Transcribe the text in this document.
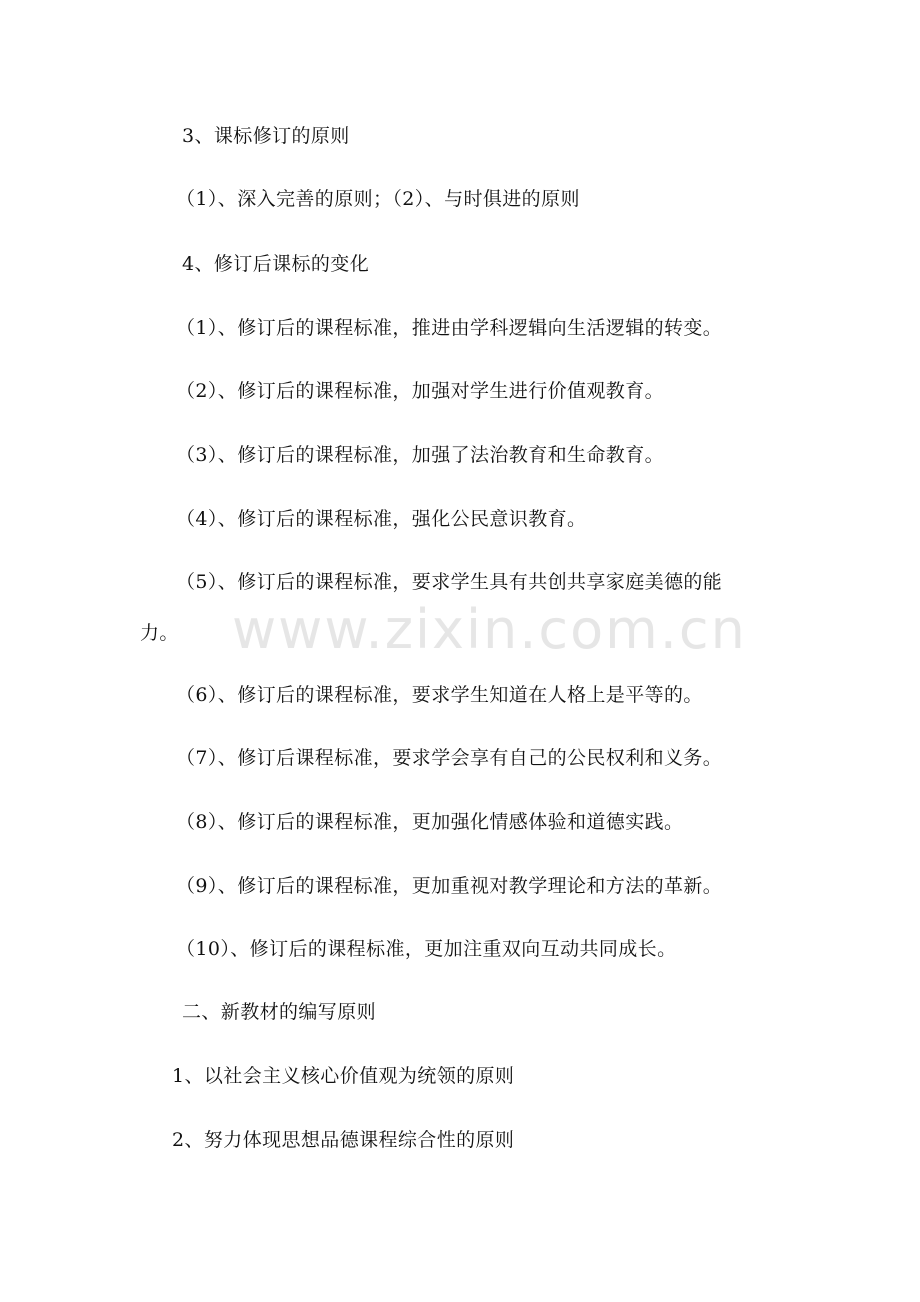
www.zixin.com.cn
3、课标修订的原则
（1）、深入完善的原则；（2）、与时俱进的原则
4、修订后课标的变化
（1）、修订后的课程标准，推进由学科逻辑向生活逻辑的转变。
（2）、修订后的课程标准，加强对学生进行价值观教育。
（3）、修订后的课程标准，加强了法治教育和生命教育。
（4）、修订后的课程标准，强化公民意识教育。
（5）、修订后的课程标准，要求学生具有共创共享家庭美德的能
力。
（6）、修订后的课程标准，要求学生知道在人格上是平等的。
（7）、修订后课程标准，要求学会享有自己的公民权利和义务。
（8）、修订后的课程标准，更加强化情感体验和道德实践。
（9）、修订后的课程标准，更加重视对教学理论和方法的革新。
（10）、修订后的课程标准，更加注重双向互动共同成长。
二、新教材的编写原则
1、以社会主义核心价值观为统领的原则
2、努力体现思想品德课程综合性的原则
